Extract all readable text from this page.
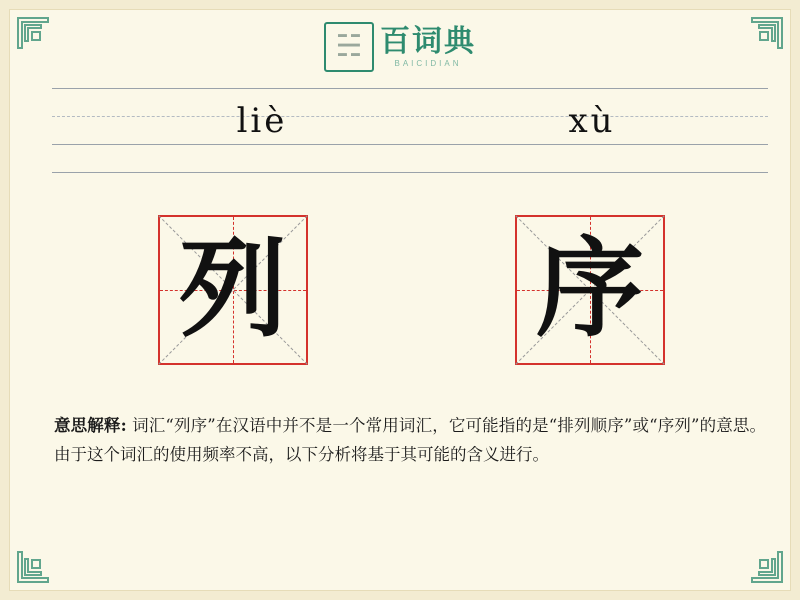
☵ 百词典
BAICIDIAN
liè	xù
列 序
意思解释: 词汇“列序”在汉语中并不是一个常用词汇，它可能指的是“排列顺序”或“序列”的意思。由于这个词汇的使用频率不高，以下分析将基于其可能的含义进行。
